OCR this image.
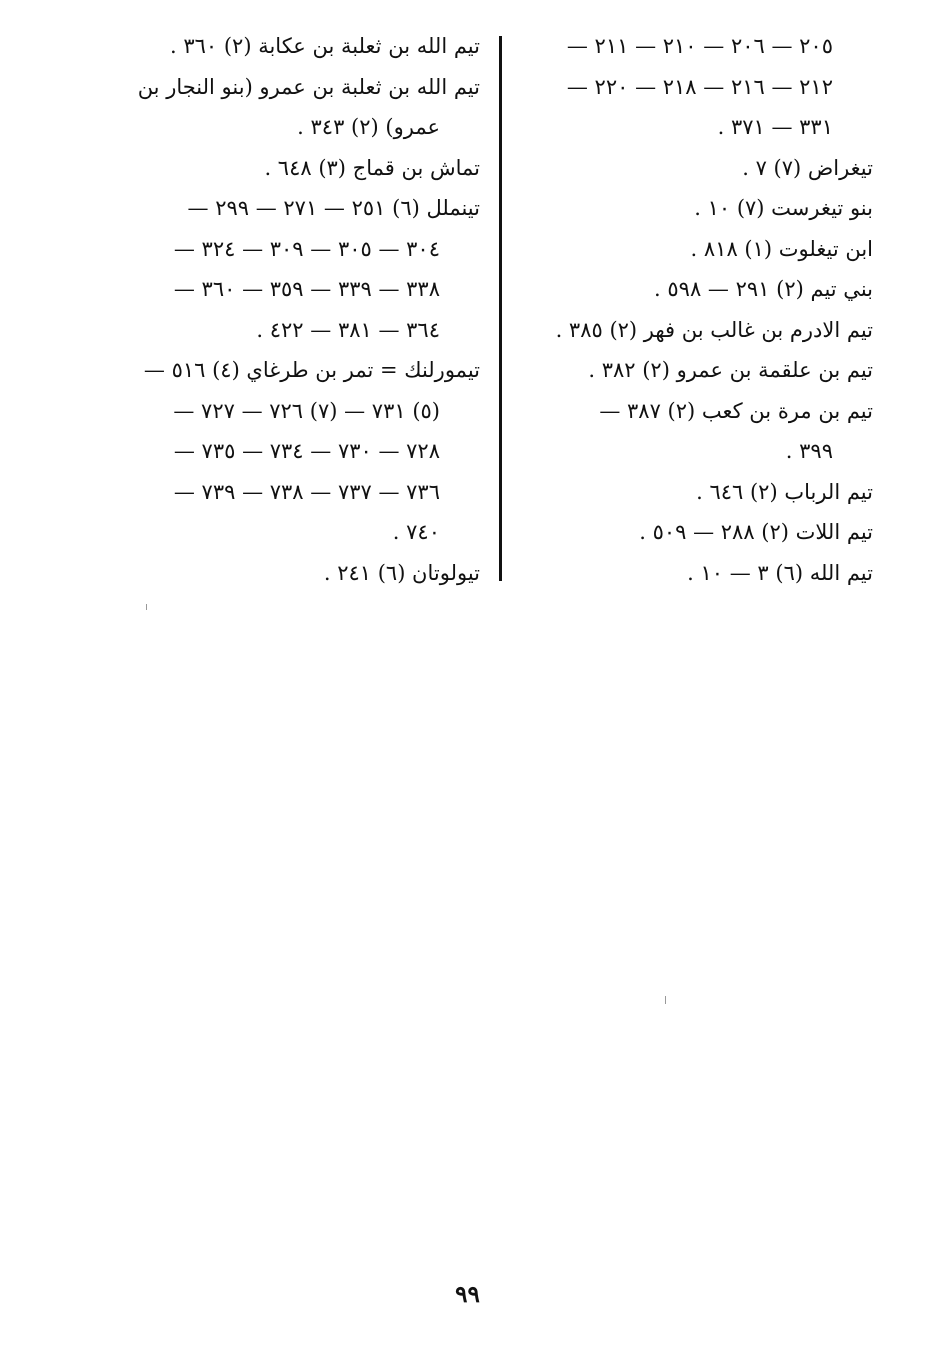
٢٠٥ — ٢٠٦ — ٢١٠ — ٢١١ —
٢١٢ — ٢١٦ — ٢١٨ — ٢٢٠ —
٣٣١ — ٣٧١ .
تيغراض (٧) ٧ .
بنو تيغرست (٧) ١٠ .
ابن تيغلوت (١) ٨١٨ .
بني تيم (٢) ٢٩١ — ٥٩٨ .
تيم الادرم بن غالب بن فهر (٢) ٣٨٥ .
تيم بن علقمة بن عمرو (٢) ٣٨٢ .
تيم بن مرة بن كعب (٢) ٣٨٧ —
٣٩٩ .
تيم الرباب (٢) ٦٤٦ .
تيم اللات (٢) ٢٨٨ — ٥٠٩ .
تيم الله (٦) ٣ — ١٠ .
تيم الله بن ثعلبة بن عكابة (٢) ٣٦٠ .
تيم الله بن ثعلبة بن عمرو (بنو النجار بن
عمرو) (٢) ٣٤٣ .
تماش بن قماج (٣) ٦٤٨ .
تينملل (٦) ٢٥١ — ٢٧١ — ٢٩٩ —
٣٠٤ — ٣٠٥ — ٣٠٩ — ٣٢٤ —
٣٣٨ — ٣٣٩ — ٣٥٩ — ٣٦٠ —
٣٦٤ — ٣٨١ — ٤٢٢ .
تيمورلنك = تمر بن طرغاي (٤) ٥١٦ —
(٥) ٧٣١ — (٧) ٧٢٦ — ٧٢٧ —
٧٢٨ — ٧٣٠ — ٧٣٤ — ٧٣٥ —
٧٣٦ — ٧٣٧ — ٧٣٨ — ٧٣٩ —
٧٤٠ .
تيولوتان (٦) ٢٤١ .
٩٩
